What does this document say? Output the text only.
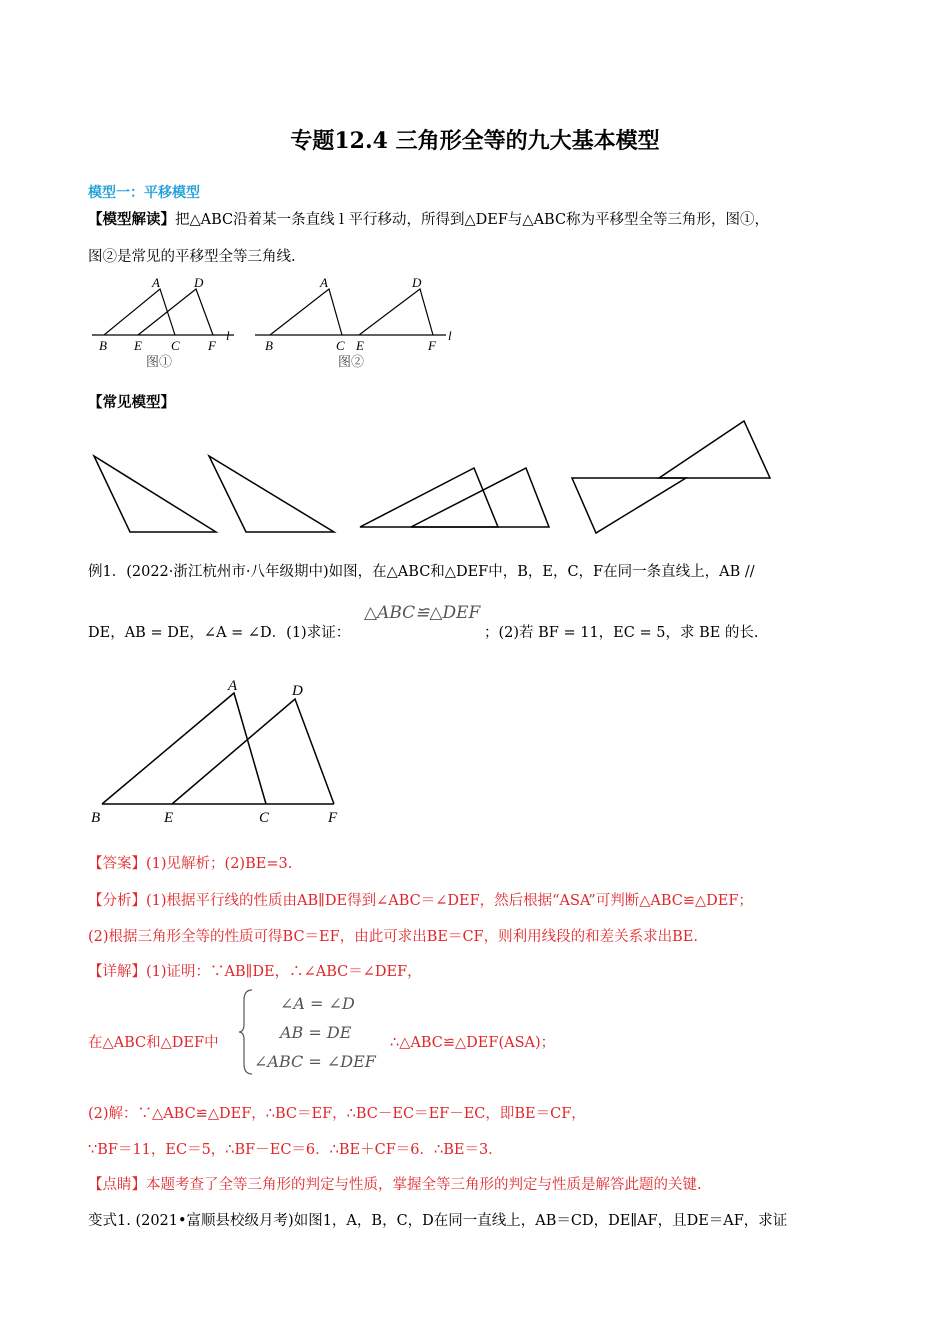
专题12.4 三角形全等的九大基本模型
模型一：平移模型
【模型解读】把△ABC沿着某一条直线 l 平行移动，所得到△DEF与△ABC称为平移型全等三角形，图①，
图②是常见的平移型全等三角线.
A	D
B E C F
l
图①
A	D
B	C E	F
l
图②
【常见模型】
例1．(2022·浙江杭州市·八年级期中)如图，在△ABC和△DEF中，B，E，C，F在同一条直线上，AB //
DE，AB = DE，∠A = ∠D．(1)求证：
△ABC≌△DEF
；(2)若 BF = 11，EC = 5，求 BE 的长.
A	D
B	E	C	F
【答案】(1)见解析；(2)BE=3.
【分析】(1)根据平行线的性质由AB∥DE得到∠ABC＝∠DEF，然后根据“ASA”可判断△ABC≌△DEF；
(2)根据三角形全等的性质可得BC＝EF，由此可求出BE＝CF，则利用线段的和差关系求出BE.
【详解】(1)证明：∵AB∥DE，∴∠ABC＝∠DEF，
在△ABC和△DEF中
∠A = ∠D
AB = DE
∠ABC = ∠DEF
∴△ABC≌△DEF(ASA)；
(2)解：∵△ABC≌△DEF，∴BC＝EF，∴BC－EC＝EF－EC，即BE＝CF，
∵BF＝11，EC＝5，∴BF－EC＝6．∴BE＋CF＝6．∴BE＝3．
【点睛】本题考查了全等三角形的判定与性质，掌握全等三角形的判定与性质是解答此题的关键.
变式1. (2021•富顺县校级月考)如图1，A，B，C，D在同一直线上，AB＝CD，DE∥AF，且DE＝AF，求证
